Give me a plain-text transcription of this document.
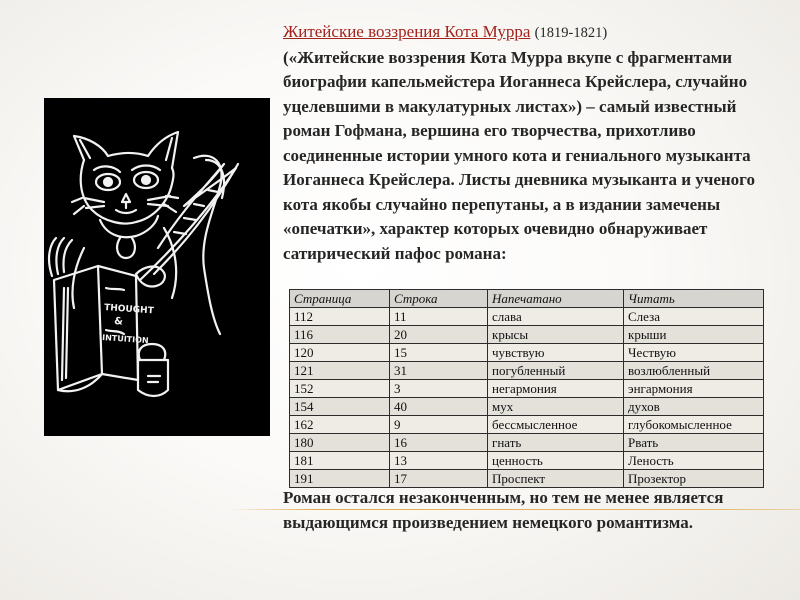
THOUGHT
&
INTUITION
Житейские воззрения Кота Мурра (1819-1821)
(«Житейские воззрения Кота Мурра вкупе с фрагментами биографии капельмейстера Иоганнеса Крейслера, случайно уцелевшими в макулатурных листах») – самый известный роман Гофмана, вершина его творчества, прихотливо соединенные истории умного кота и гениального музыканта Иоганнеса Крейслера. Листы дневника музыканта и ученого кота якобы случайно перепутаны, а в издании замечены «опечатки», характер которых очевидно обнаруживает сатирический пафос романа:
Страница	Строка	Напечатано	Читать
112	11	слава	Слеза
116	20	крысы	крыши
120	15	чувствую	Чествую
121	31	погубленный	возлюбленный
152	3	негармония	энгармония
154	40	мух	духов
162	9	бессмысленное	глубокомысленное
180	16	гнать	Рвать
181	13	ценность	Леность
191	17	Проспект	Прозектор
Роман остался незаконченным, но тем не менее является выдающимся произведением немецкого романтизма.
